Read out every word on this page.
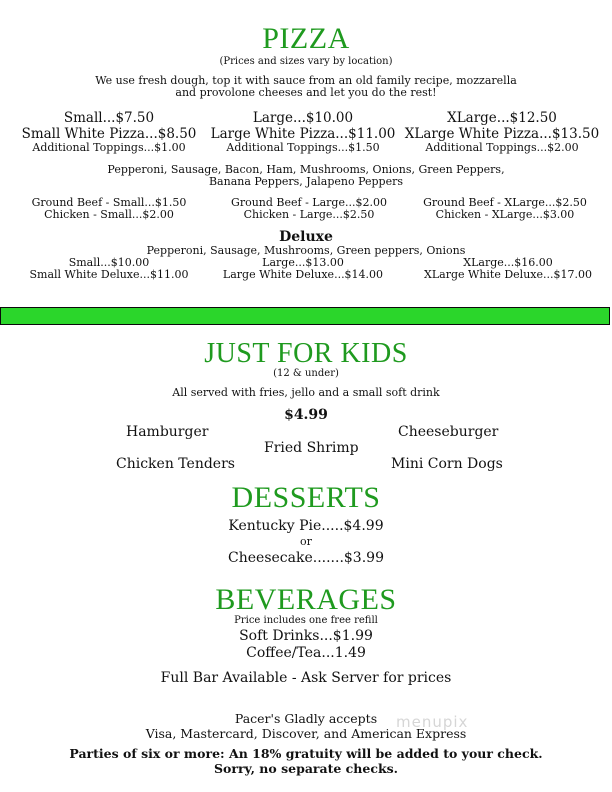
PIZZA
(Prices and sizes vary by location)
We use fresh dough, top it with sauce from an old family recipe, mozzarella
and provolone cheeses and let you do the rest!
Small...$7.50
Small White Pizza...$8.50
Additional Toppings...$1.00
Large...$10.00
Large White Pizza...$11.00
Additional Toppings...$1.50
XLarge...$12.50
XLarge White Pizza...$13.50
Additional Toppings...$2.00
Pepperoni, Sausage, Bacon, Ham, Mushrooms, Onions, Green Peppers,
Banana Peppers, Jalapeno Peppers
Ground Beef - Small...$1.50
Chicken - Small...$2.00
Ground Beef - Large...$2.00
Chicken - Large...$2.50
Ground Beef - XLarge...$2.50
Chicken - XLarge...$3.00
Deluxe
Pepperoni, Sausage, Mushrooms, Green peppers, Onions
Small...$10.00
Small White Deluxe...$11.00
Large...$13.00
Large White Deluxe...$14.00
XLarge...$16.00
XLarge White Deluxe...$17.00
JUST FOR KIDS
(12 & under)
All served with fries, jello and a small soft drink
$4.99
Hamburger	Cheeseburger
Fried Shrimp
Chicken Tenders	Mini Corn Dogs
DESSERTS
Kentucky Pie.....$4.99
or
Cheesecake.......$3.99
BEVERAGES
Price includes one free refill
Soft Drinks...$1.99
Coffee/Tea...1.49
Full Bar Available - Ask Server for prices
Pacer's Gladly accepts
Visa, Mastercard, Discover, and American Express
Parties of six or more: An 18% gratuity will be added to your check.
Sorry, no separate checks.
menupix
